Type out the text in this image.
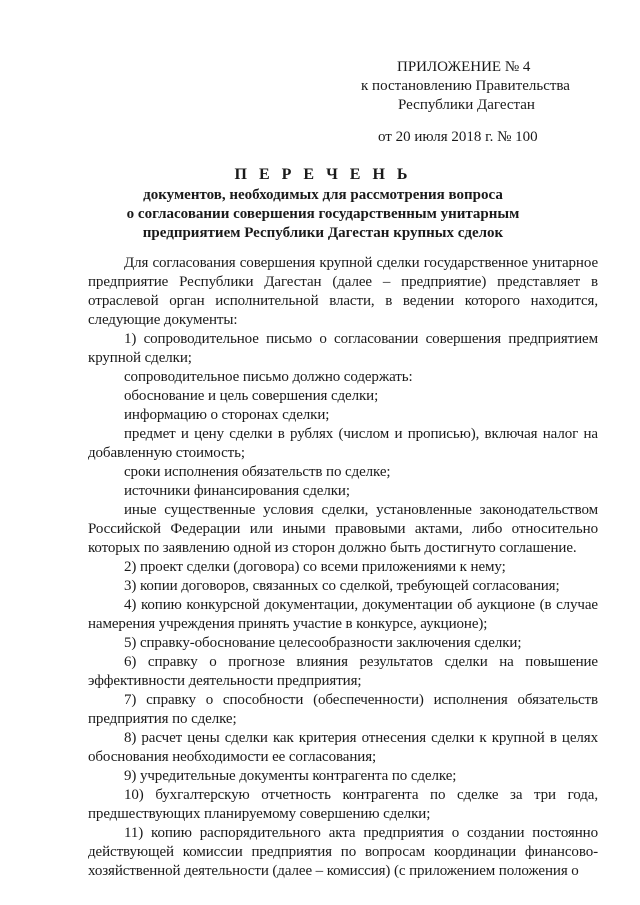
ПРИЛОЖЕНИЕ № 4
к постановлению Правительства
Республики Дагестан
от 20 июля 2018 г. № 100
П Е Р Е Ч Е Н Ь
документов, необходимых для рассмотрения вопроса
о согласовании совершения государственным унитарным
предприятием Республики Дагестан крупных сделок

Для согласования совершения крупной сделки государственное унитарное предприятие Республики Дагестан (далее – предприятие) представляет в отраслевой орган исполнительной власти, в ведении которого находится, следующие документы:

1) сопроводительное письмо о согласовании совершения предприятием крупной сделки;

сопроводительное письмо должно содержать:

обоснование и цель совершения сделки;

информацию о сторонах сделки;

предмет и цену сделки в рублях (числом и прописью), включая налог на добавленную стоимость;

сроки исполнения обязательств по сделке;

источники финансирования сделки;

иные существенные условия сделки, установленные законодательством Российской Федерации или иными правовыми актами, либо относительно которых по заявлению одной из сторон должно быть достигнуто соглашение.

2) проект сделки (договора) со всеми приложениями к нему;

3) копии договоров, связанных со сделкой, требующей согласования;

4) копию конкурсной документации, документации об аукционе (в случае намерения учреждения принять участие в конкурсе, аукционе);

5) справку-обоснование целесообразности заключения сделки;

6) справку о прогнозе влияния результатов сделки на повышение эффективности деятельности предприятия;

7) справку о способности (обеспеченности) исполнения обязательств предприятия по сделке;

8) расчет цены сделки как критерия отнесения сделки к крупной в целях обоснования необходимости ее согласования;

9) учредительные документы контрагента по сделке;

10) бухгалтерскую отчетность контрагента по сделке за три года, предшествующих планируемому совершению сделки;

11) копию распорядительного акта предприятия о создании постоянно действующей комиссии предприятия по вопросам координации финансово-хозяйственной деятельности (далее – комиссия) (с приложением положения о
